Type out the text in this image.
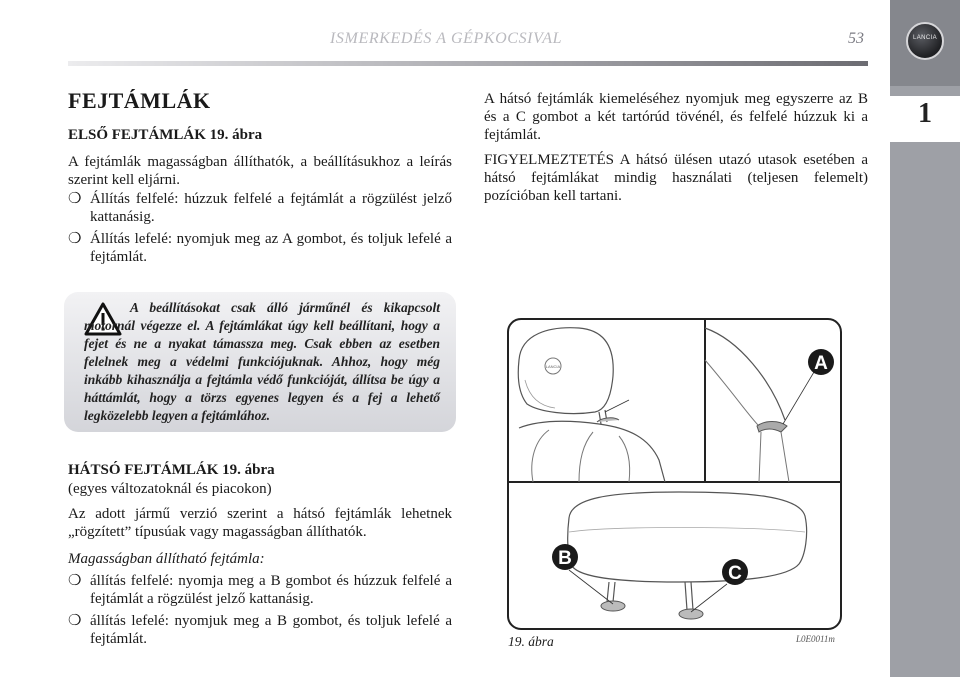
ISMERKEDÉS A GÉPKOCSIVAL	53	LANCIA
1
FEJTÁMLÁK
ELSŐ FEJTÁMLÁK 19. ábra
A fejtámlák magasságban állíthatók, a beállításukhoz a leírás szerint kell eljárni.
❍ Állítás felfelé: húzzuk felfelé a fejtámlát a rögzülést jelző kattanásig.
❍ Állítás lefelé: nyomjuk meg az A gombot, és toljuk lefelé a fejtámlát.
A beállításokat csak álló járműnél és kikapcsolt motornál végezze el. A fejtámlákat úgy kell beállítani, hogy a fejet és ne a nyakat támassza meg. Csak ebben az esetben felelnek meg a védelmi funkciójuknak. Ahhoz, hogy még inkább kihasználja a fejtámla védő funkcióját, állítsa be úgy a háttámlát, hogy a törzs egyenes legyen és a fej a lehető legközelebb legyen a fejtámlához.
HÁTSÓ FEJTÁMLÁK 19. ábra
(egyes változatoknál és piacokon)
Az adott jármű verzió szerint a hátsó fejtámlák lehetnek „rögzített” típusúak vagy magasságban állíthatók.
Magasságban állítható fejtámla:
❍ állítás felfelé: nyomja meg a B gombot és húzzuk felfelé a fejtámlát a rögzülést jelző kattanásig.
❍ állítás lefelé: nyomjuk meg a B gombot, és toljuk lefelé a fejtámlát.
A hátsó fejtámlák kiemeléséhez nyomjuk meg egyszerre az B és a C gombot a két tartórúd tövénél, és felfelé húzzuk ki a fejtámlát.
FIGYELMEZTETÉS A hátsó ülésen utazó utasok esetében a hátsó fejtámlákat mindig használati (teljesen felemelt) pozícióban kell tartani.
LANCIA	A
B
C
19. ábra	L0E0011m
